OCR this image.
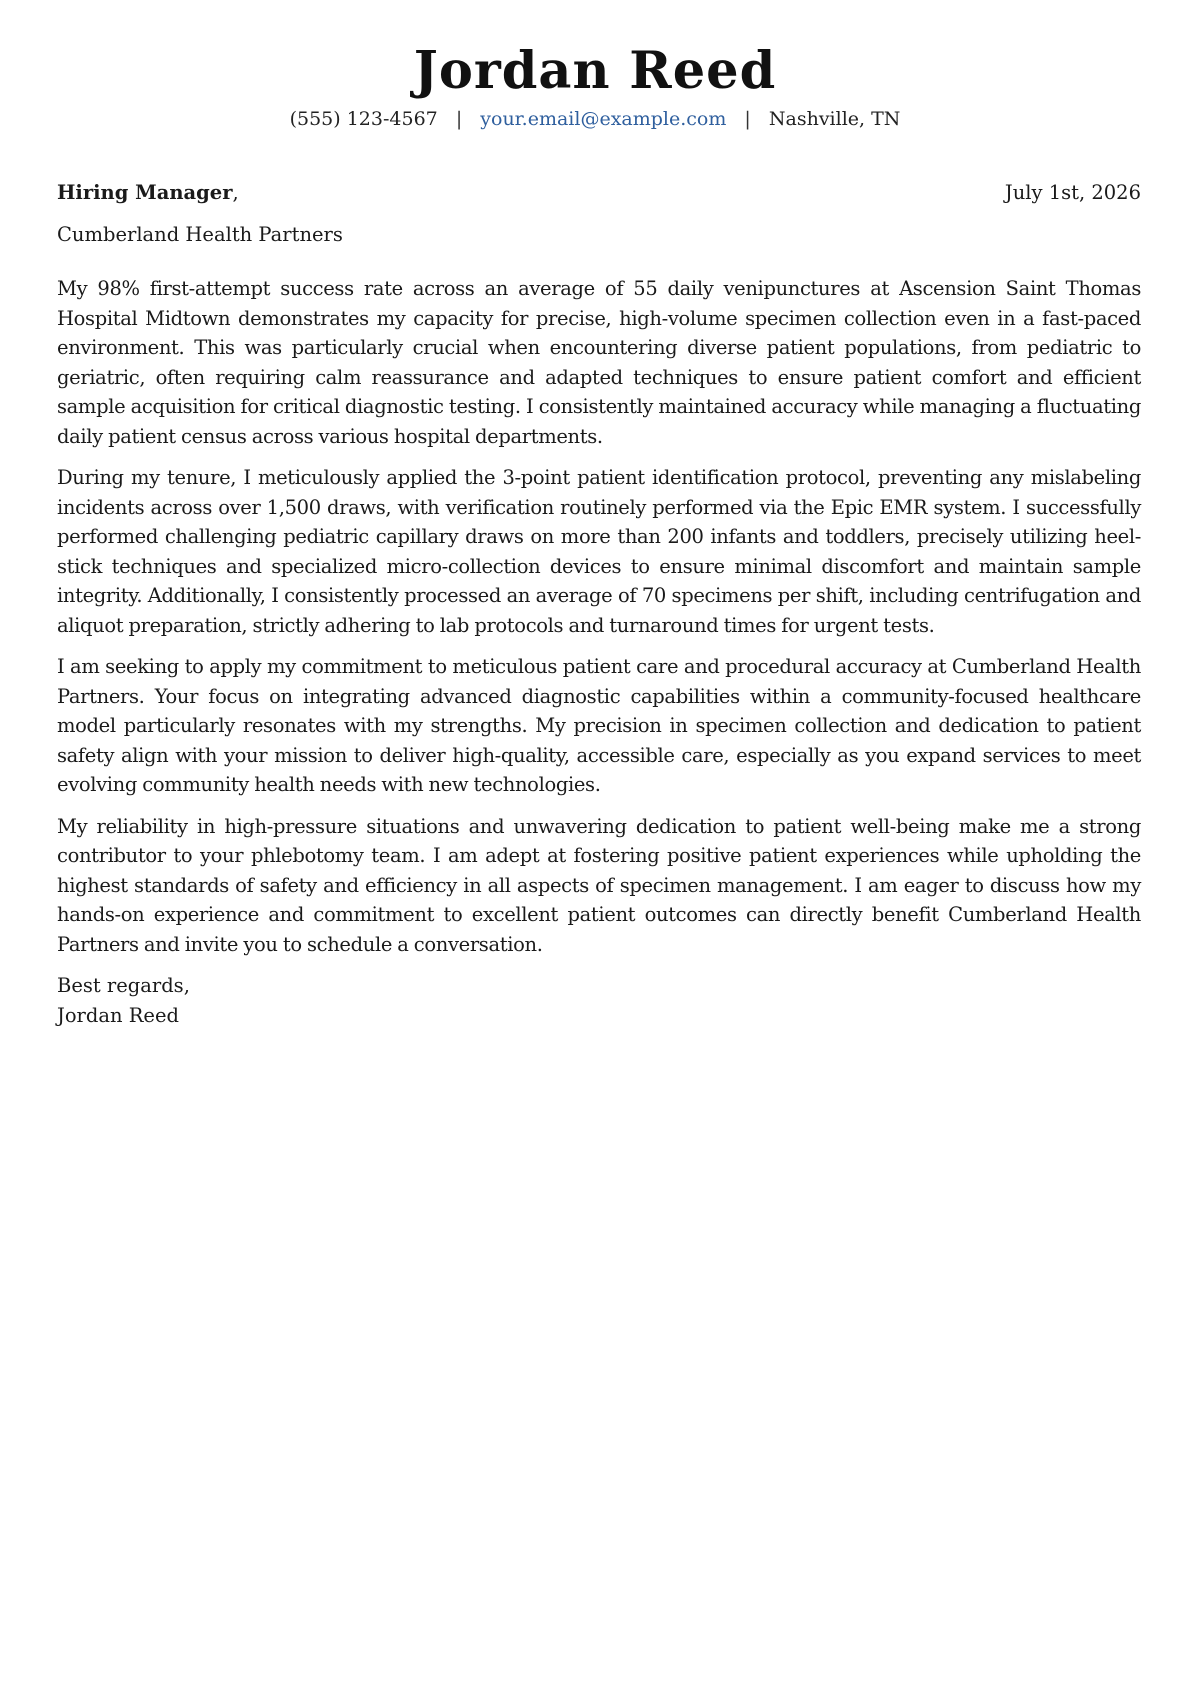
Jordan Reed
(555) 123-4567 | your.email@example.com | Nashville, TN
Hiring Manager,	July 1st, 2026
Cumberland Health Partners

My 98% first-attempt success rate across an average of 55 daily venipunctures at Ascension Saint Thomas Hospital Midtown demonstrates my capacity for precise, high-volume specimen collection even in a fast-paced environment. This was particularly crucial when encountering diverse patient populations, from pediatric to geriatric, often requiring calm reassurance and adapted techniques to ensure patient comfort and efficient sample acquisition for critical diagnostic testing. I consistently maintained accuracy while managing a fluctuating daily patient census across various hospital departments.

During my tenure, I meticulously applied the 3-point patient identification protocol, preventing any mislabeling incidents across over 1,500 draws, with verification routinely performed via the Epic EMR system. I successfully performed challenging pediatric capillary draws on more than 200 infants and toddlers, precisely utilizing heel-stick techniques and specialized micro-collection devices to ensure minimal discomfort and maintain sample integrity. Additionally, I consistently processed an average of 70 specimens per shift, including centrifugation and aliquot preparation, strictly adhering to lab protocols and turnaround times for urgent tests.

I am seeking to apply my commitment to meticulous patient care and procedural accuracy at Cumberland Health Partners. Your focus on integrating advanced diagnostic capabilities within a community-focused healthcare model particularly resonates with my strengths. My precision in specimen collection and dedication to patient safety align with your mission to deliver high-quality, accessible care, especially as you expand services to meet evolving community health needs with new technologies.

My reliability in high-pressure situations and unwavering dedication to patient well-being make me a strong contributor to your phlebotomy team. I am adept at fostering positive patient experiences while upholding the highest standards of safety and efficiency in all aspects of specimen management. I am eager to discuss how my hands-on experience and commitment to excellent patient outcomes can directly benefit Cumberland Health Partners and invite you to schedule a conversation.

Best regards,
Jordan Reed
